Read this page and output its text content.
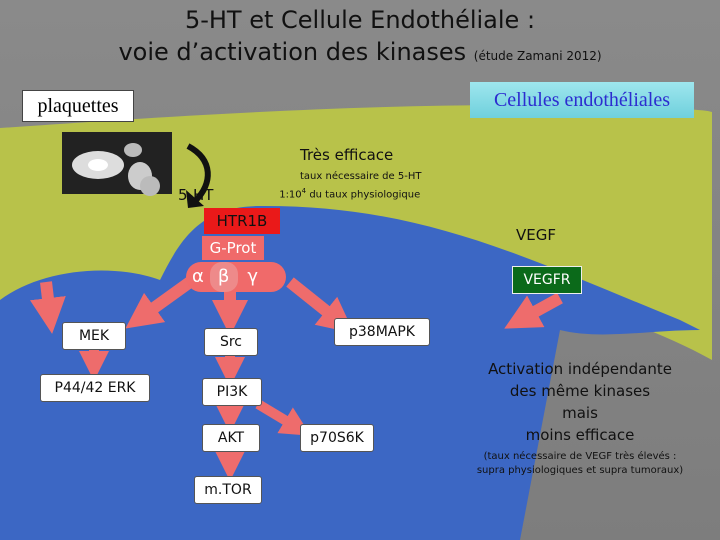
5-HT et Cellule Endothéliale :
voie d’activation des kinases (étude Zamani 2012)
plaquettes	Cellules endothéliales
Très efficace
taux nécessaire de 5-HT
$1:10^4$ du taux physiologique
5-HT
HTR1B
G-Prot
α β γ
VEGF
VEGFR
MEK
P44/42 ERK
Src
p38MAPK
PI3K
AKT
m.TOR
p70S6K
Activation indépendante
des même kinases
mais
moins efficace
(taux nécessaire de VEGF très élevés :
supra physiologiques et supra tumoraux)
